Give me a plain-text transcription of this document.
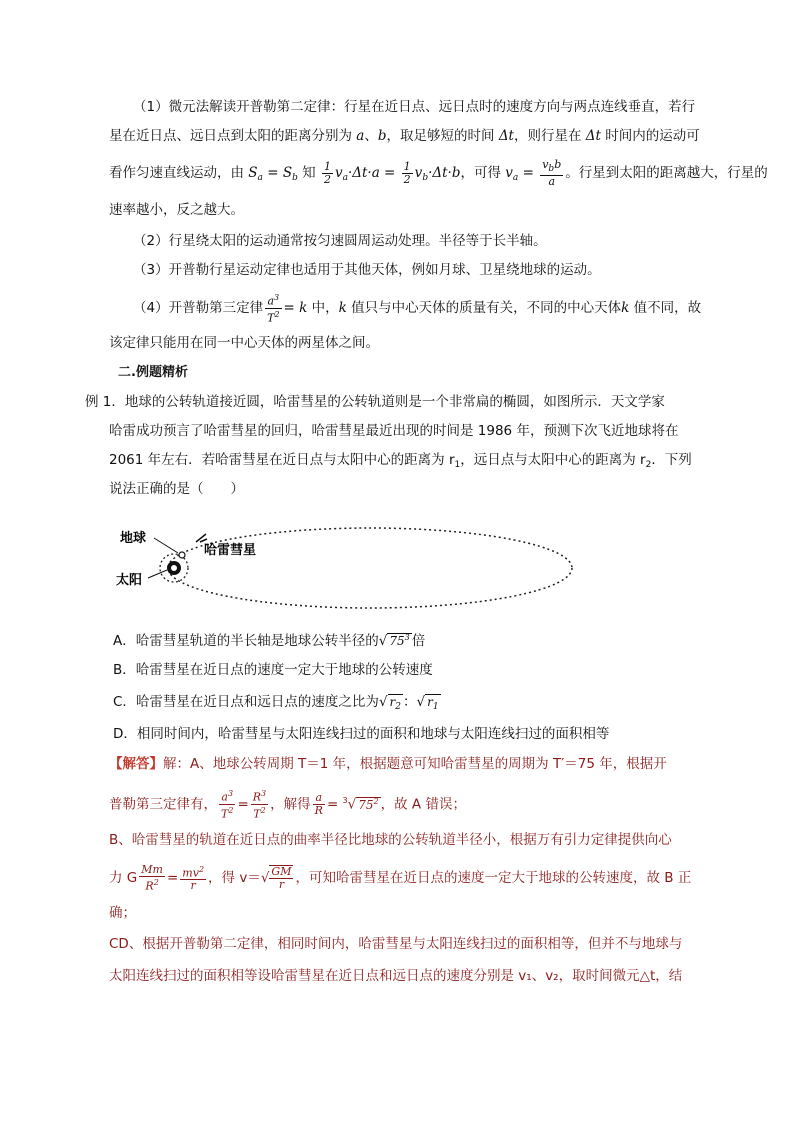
（1）微元法解读开普勒第二定律：行星在近日点、远日点时的速度方向与两点连线垂直，若行
星在近日点、远日点到太阳的距离分别为 a、b，取足够短的时间 Δt，则行星在 Δt 时间内的运动可
看作匀速直线运动，由 $S_a = S_b$ 知 $\frac{1}{2} v_a\cdot\Delta t\cdot a = \frac{1}{2} v_b\cdot\Delta t\cdot b$，可得 $v_a = \frac{v_bb}{a}$ 。行星到太阳的距离越大，行星的
速率越小，反之越大。
（2）行星绕太阳的运动通常按匀速圆周运动处理。半径等于长半轴。
（3）开普勒行星运动定律也适用于其他天体，例如月球、卫星绕地球的运动。
（4）开普勒第三定律 $\frac{a^3}{T^2} = k$ 中，k 值只与中心天体的质量有关，不同的中心天体k 值不同，故
该定律只能用在同一中心天体的两星体之间。
二.例题精析
例 1．地球的公转轨道接近圆，哈雷彗星的公转轨道则是一个非常扁的椭圆，如图所示．天文学家
哈雷成功预言了哈雷彗星的回归，哈雷彗星最近出现的时间是 1986 年，预测下次飞近地球将在
2061 年左右．若哈雷彗星在近日点与太阳中心的距离为 $r_1$，远日点与太阳中心的距离为 $r_2$．下列
说法正确的是（　　）
地球
哈雷彗星
太阳
A．哈雷彗星轨道的半长轴是地球公转半径的√ $75^3$ 倍
B．哈雷彗星在近日点的速度一定大于地球的公转速度
C．哈雷彗星在近日点和远日点的速度之比为√ $r_2$ ：√ $r_1$
D．相同时间内，哈雷彗星与太阳连线扫过的面积和地球与太阳连线扫过的面积相等
【解答】解：A、地球公转周期 T＝1 年，根据题意可知哈雷彗星的周期为 T′＝75 年，根据开
普勒第三定律有， $\frac{a^3}{T^2} = \frac{R^3}{T^2}$ ，解得 $\frac{a}{R} = ^3√$ $75^2$ ，故 A 错误；
B、哈雷彗星的轨道在近日点的曲率半径比地球的公转轨道半径小，根据万有引力定律提供向心
力 G $\frac{Mm}{R^2} = \frac{mv^2}{r}$ ，得 $v=√ \frac{GM}{r}$ ，可知哈雷彗星在近日点的速度一定大于地球的公转速度，故 B 正
确；
CD、根据开普勒第二定律，相同时间内，哈雷彗星与太阳连线扫过的面积相等，但并不与地球与
太阳连线扫过的面积相等设哈雷彗星在近日点和远日点的速度分别是 v₁、v₂，取时间微元△t，结
